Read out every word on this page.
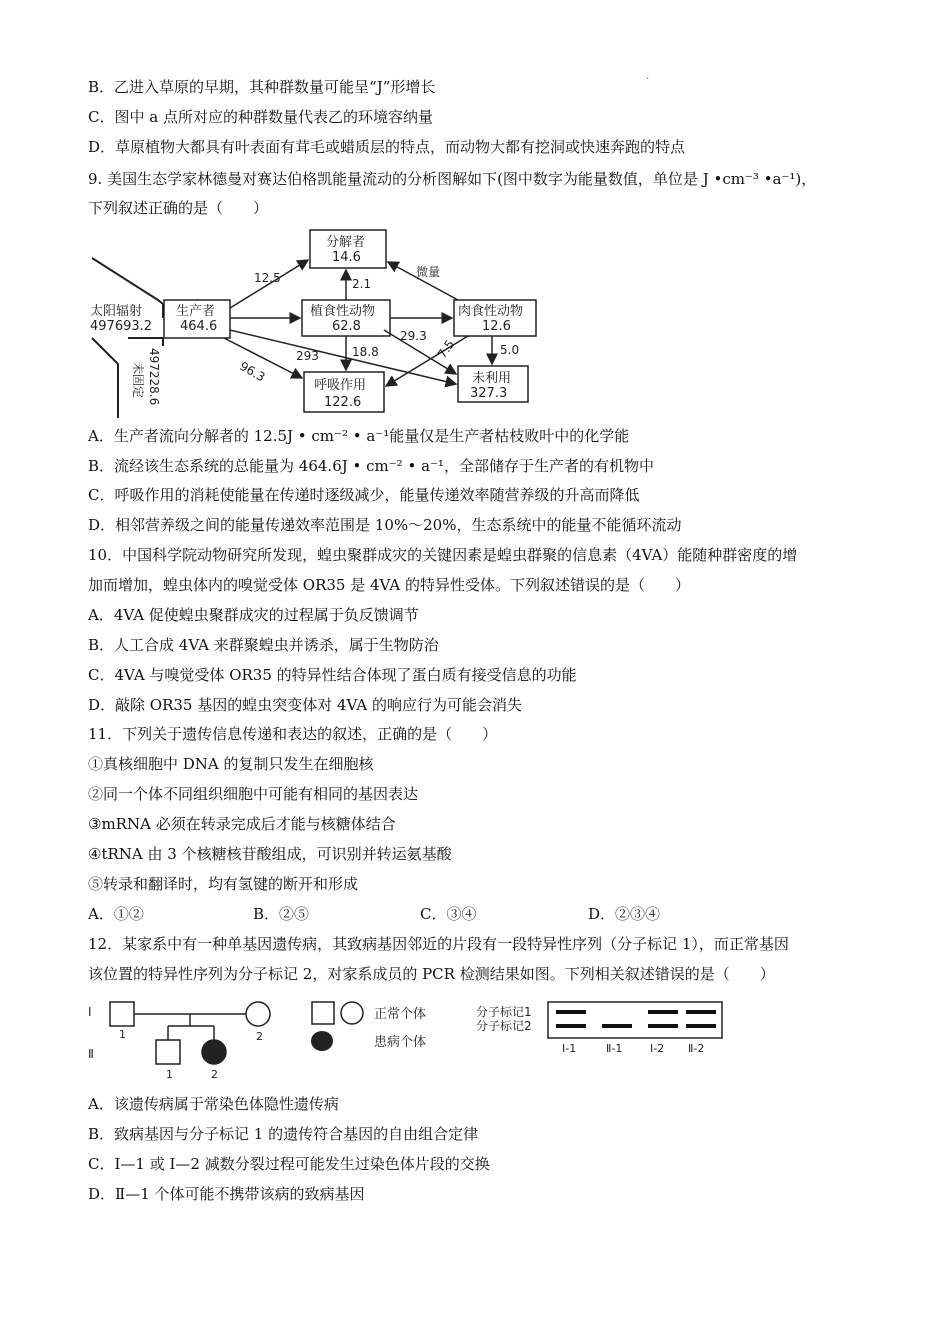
·
B．乙进入草原的早期，其种群数量可能呈“J”形增长
C．图中 a 点所对应的种群数量代表乙的环境容纳量
D．草原植物大都具有叶表面有茸毛或蜡质层的特点，而动物大都有挖洞或快速奔跑的特点
9. 美国生态学家林德曼对赛达伯格凯能量流动的分析图解如下(图中数字为能量数值，单位是 J •cm⁻³ •a⁻¹)，
下列叙述正确的是（　　）
太阳辐射
497693.2
未固定 497228.6
生产者
464.6
分解者
14.6
植食性动物
62.8
肉食性动物
12.6
呼吸作用
122.6
未利用
327.3
12.5	2.1
微量
18.8
29.3
96.3
293	7.5	5.0
A．生产者流向分解者的 12.5J • cm⁻² • a⁻¹能量仅是生产者枯枝败叶中的化学能
B．流经该生态系统的总能量为 464.6J • cm⁻² • a⁻¹，全部储存于生产者的有机物中
C．呼吸作用的消耗使能量在传递时逐级减少，能量传递效率随营养级的升高而降低
D．相邻营养级之间的能量传递效率范围是 10%～20%，生态系统中的能量不能循环流动
10．中国科学院动物研究所发现，蝗虫聚群成灾的关键因素是蝗虫群聚的信息素（4VA）能随种群密度的增
加而增加，蝗虫体内的嗅觉受体 OR35 是 4VA 的特异性受体。下列叙述错误的是（　　）
A．4VA 促使蝗虫聚群成灾的过程属于负反馈调节
B．人工合成 4VA 来群聚蝗虫并诱杀，属于生物防治
C．4VA 与嗅觉受体 OR35 的特异性结合体现了蛋白质有接受信息的功能
D．敲除 OR35 基因的蝗虫突变体对 4VA 的响应行为可能会消失
11．下列关于遗传信息传递和表达的叙述，正确的是（　　）
①真核细胞中 DNA 的复制只发生在细胞核
②同一个体不同组织细胞中可能有相同的基因表达
③mRNA 必须在转录完成后才能与核糖体结合
④tRNA 由 3 个核糖核苷酸组成，可识别并转运氨基酸
⑤转录和翻译时，均有氢键的断开和形成
A．①②	B．②⑤	C．③④	D．②③④
12．某家系中有一种单基因遗传病，其致病基因邻近的片段有一段特异性序列（分子标记 1），而正常基因
该位置的特异性序列为分子标记 2，对家系成员的 PCR 检测结果如图。下列相关叙述错误的是（　　）
Ⅰ
Ⅱ
1	2
1	2
正常个体
患病个体
分子标记1
分子标记2
Ⅰ-1	Ⅱ-1	Ⅰ-2 Ⅱ-2
A．该遗传病属于常染色体隐性遗传病
B．致病基因与分子标记 1 的遗传符合基因的自由组合定律
C．Ⅰ—1 或 I—2 减数分裂过程可能发生过染色体片段的交换
D．Ⅱ—1 个体可能不携带该病的致病基因
